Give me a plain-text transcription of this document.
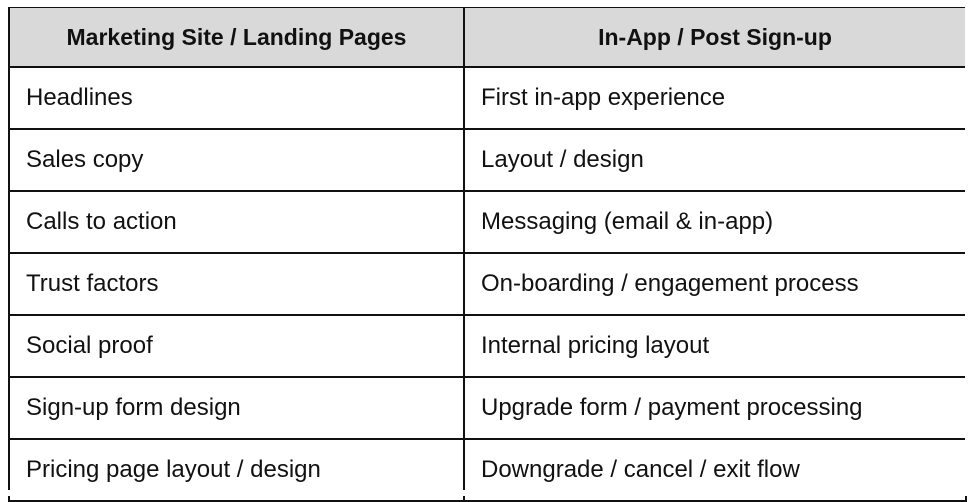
Marketing Site / Landing Pages	In-App / Post Sign-up
Headlines	First in-app experience
Sales copy	Layout / design
Calls to action	Messaging (email & in-app)
Trust factors	On-boarding / engagement process
Social proof	Internal pricing layout
Sign-up form design	Upgrade form / payment processing
Pricing page layout / design	Downgrade / cancel / exit flow
